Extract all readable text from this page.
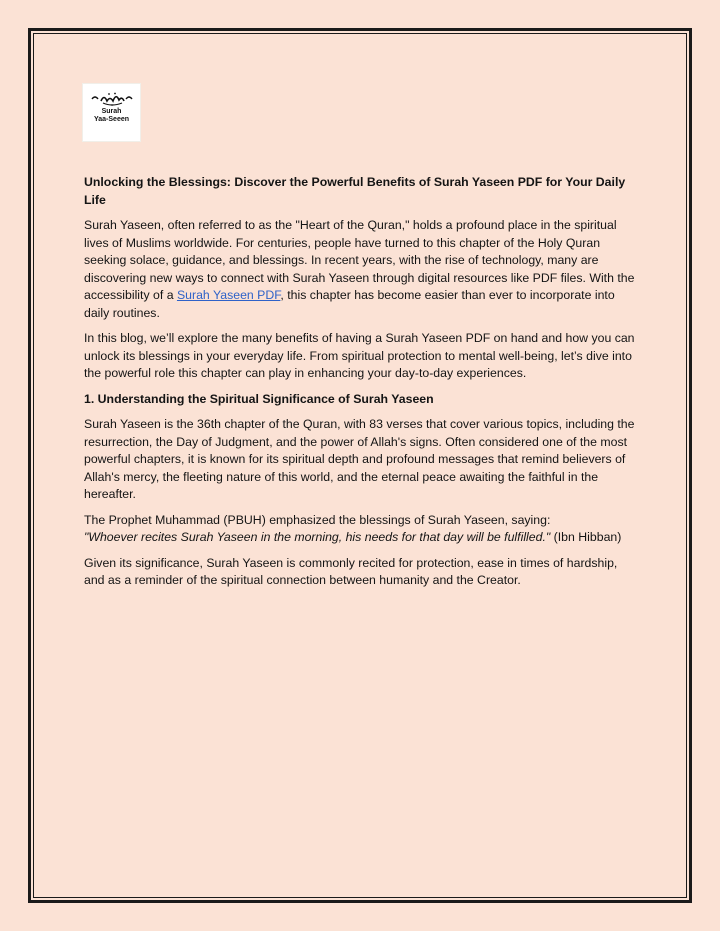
Surah
Yaa-Seeen
Unlocking the Blessings: Discover the Powerful Benefits of Surah Yaseen PDF for Your Daily Life

Surah Yaseen, often referred to as the "Heart of the Quran," holds a profound place in the spiritual lives of Muslims worldwide. For centuries, people have turned to this chapter of the Holy Quran seeking solace, guidance, and blessings. In recent years, with the rise of technology, many are discovering new ways to connect with Surah Yaseen through digital resources like PDF files. With the accessibility of a Surah Yaseen PDF, this chapter has become easier than ever to incorporate into daily routines.

In this blog, we’ll explore the many benefits of having a Surah Yaseen PDF on hand and how you can unlock its blessings in your everyday life. From spiritual protection to mental well-being, let’s dive into the powerful role this chapter can play in enhancing your day-to-day experiences.

1. Understanding the Spiritual Significance of Surah Yaseen

Surah Yaseen is the 36th chapter of the Quran, with 83 verses that cover various topics, including the resurrection, the Day of Judgment, and the power of Allah's signs. Often considered one of the most powerful chapters, it is known for its spiritual depth and profound messages that remind believers of Allah's mercy, the fleeting nature of this world, and the eternal peace awaiting the faithful in the hereafter.

The Prophet Muhammad (PBUH) emphasized the blessings of Surah Yaseen, saying:
"Whoever recites Surah Yaseen in the morning, his needs for that day will be fulfilled." (Ibn Hibban)

Given its significance, Surah Yaseen is commonly recited for protection, ease in times of hardship, and as a reminder of the spiritual connection between humanity and the Creator.
